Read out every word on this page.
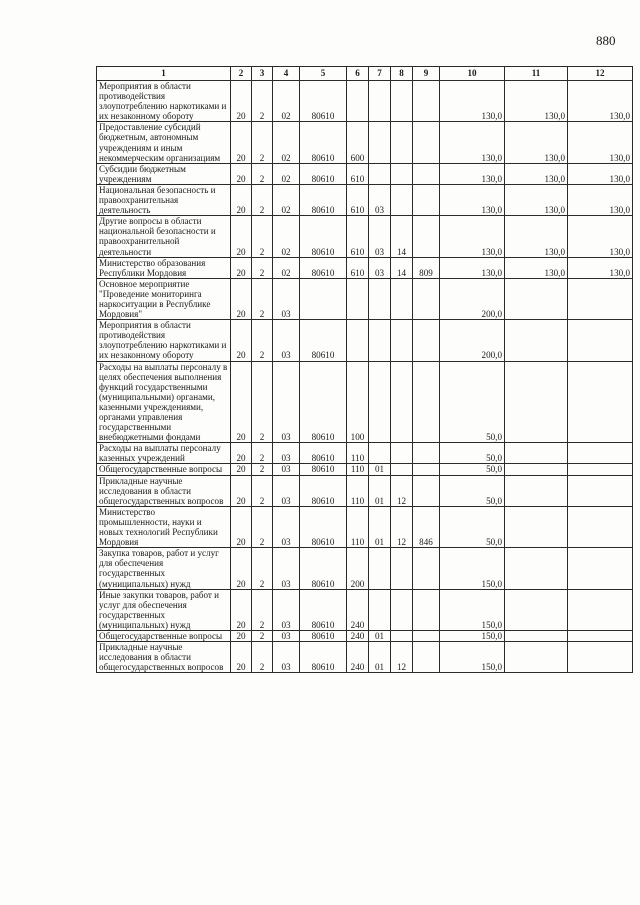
880
1	2	3	4	5	6	7	8	9	10	11	12
Мероприятия в области противодействия злоупотреблению наркотиками и их незаконному обороту	20	2	02	80610					130,0	130,0	130,0
Предоставление субсидий бюджетным, автономным учреждениям и иным некоммерческим организациям	20	2	02	80610	600				130,0	130,0	130,0
Субсидии бюджетным учреждениям	20	2	02	80610	610				130,0	130,0	130,0
Национальная безопасность и правоохранительная деятельность	20	2	02	80610	610	03			130,0	130,0	130,0
Другие вопросы в области национальной безопасности и правоохранительной деятельности	20	2	02	80610	610	03	14		130,0	130,0	130,0
Министерство образования Республики Мордовия	20	2	02	80610	610	03	14	809	130,0	130,0	130,0
Основное мероприятие "Проведение мониторинга наркоситуации в Республике Мордовия"	20	2	03						200,0		
Мероприятия в области противодействия злоупотреблению наркотиками и их незаконному обороту	20	2	03	80610					200,0		
Расходы на выплаты персоналу в целях обеспечения выполнения функций государственными (муниципальными) органами, казенными учреждениями, органами управления государственными внебюджетными фондами	20	2	03	80610	100				50,0		
Расходы на выплаты персоналу казенных учреждений	20	2	03	80610	110				50,0		
Общегосударственные вопросы	20	2	03	80610	110	01			50,0		
Прикладные научные исследования в области общегосударственных вопросов	20	2	03	80610	110	01	12		50,0		
Министерство промышленности, науки и новых технологий Республики Мордовия	20	2	03	80610	110	01	12	846	50,0		
Закупка товаров, работ и услуг для обеспечения государственных (муниципальных) нужд	20	2	03	80610	200				150,0		
Иные закупки товаров, работ и услуг для обеспечения государственных (муниципальных) нужд	20	2	03	80610	240				150,0		
Общегосударственные вопросы	20	2	03	80610	240	01			150,0		
Прикладные научные исследования в области общегосударственных вопросов	20	2	03	80610	240	01	12		150,0		
